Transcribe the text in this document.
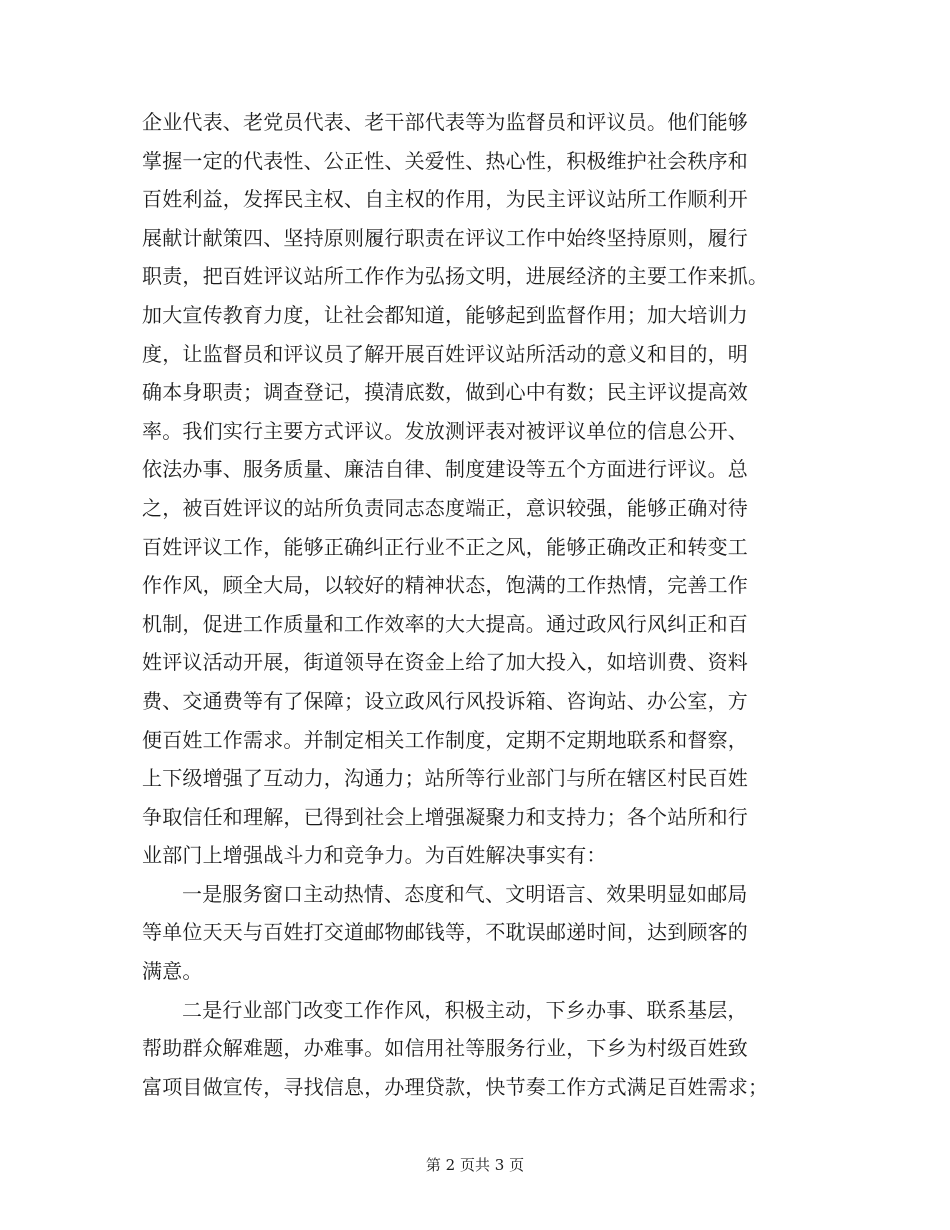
企业代表、老党员代表、老干部代表等为监督员和评议员。他们能够
掌握一定的代表性、公正性、关爱性、热心性，积极维护社会秩序和
百姓利益，发挥民主权、自主权的作用，为民主评议站所工作顺利开
展献计献策四、坚持原则履行职责在评议工作中始终坚持原则，履行
职责，把百姓评议站所工作作为弘扬文明，进展经济的主要工作来抓。
加大宣传教育力度，让社会都知道，能够起到监督作用；加大培训力
度，让监督员和评议员了解开展百姓评议站所活动的意义和目的，明
确本身职责；调查登记，摸清底数，做到心中有数；民主评议提高效
率。我们实行主要方式评议。发放测评表对被评议单位的信息公开、
依法办事、服务质量、廉洁自律、制度建设等五个方面进行评议。总
之，被百姓评议的站所负责同志态度端正，意识较强，能够正确对待
百姓评议工作，能够正确纠正行业不正之风，能够正确改正和转变工
作作风，顾全大局，以较好的精神状态，饱满的工作热情，完善工作
机制，促进工作质量和工作效率的大大提高。通过政风行风纠正和百
姓评议活动开展，街道领导在资金上给了加大投入，如培训费、资料
费、交通费等有了保障；设立政风行风投诉箱、咨询站、办公室，方
便百姓工作需求。并制定相关工作制度，定期不定期地联系和督察，
上下级增强了互动力，沟通力；站所等行业部门与所在辖区村民百姓
争取信任和理解，已得到社会上增强凝聚力和支持力；各个站所和行
业部门上增强战斗力和竞争力。为百姓解决事实有：
一是服务窗口主动热情、态度和气、文明语言、效果明显如邮局
等单位天天与百姓打交道邮物邮钱等，不耽误邮递时间，达到顾客的
满意。
二是行业部门改变工作作风，积极主动，下乡办事、联系基层，
帮助群众解难题，办难事。如信用社等服务行业，下乡为村级百姓致
富项目做宣传，寻找信息，办理贷款，快节奏工作方式满足百姓需求；
第 2 页共 3 页
